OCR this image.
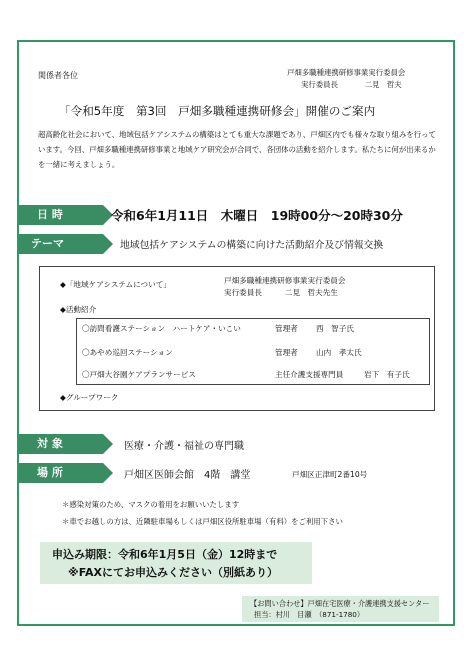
関係者各位	戸畑多職種連携研修事業実行委員会
実行委員長	二見　哲夫
「令和5年度　第3回　戸畑多職種連携研修会」開催のご案内
超高齢化社会において、地域包括ケアシステムの構築はとても重大な課題であり、戸畑区内でも様々な取り組みを行っています。今回、戸畑多職種連携研修事業と地域ケア研究会が合同で、各団体の活動を紹介します。私たちに何が出来るかを一緒に考えましょう。
日 時	令和6年1月11日　木曜日　19時00分～20時30分
テーマ	地域包括ケアシステムの構築に向けた活動紹介及び情報交換
◆「地域ケアシステムについて」	戸畑多職種連携研修事業実行委員会
実行委員長　　　二見　哲夫先生
◆活動紹介
〇訪問看護ステーション　ハートケア・いこい	管理者 西　智子氏
〇あやめ巡回ステーション	管理者 山内　孝太氏
〇戸畑大谷園ケアプランサービス	主任介護支援専門員	岩下　有子氏
◆グループワーク
対 象	医療・介護・福祉の専門職
場 所	戸畑区医師会館　4階　講堂	戸畑区正津町2番10号
＊感染対策のため、マスクの着用をお願いいたします
＊車でお越しの方は、近隣駐車場もしくは戸畑区役所駐車場（有料）をご利用下さい
申込み期限：令和6年1月5日（金）12時まで
※FAXにてお申込みください（別紙あり）
【お問い合わせ】戸畑在宅医療・介護連携支援センター
担当：村川　目瀬　（871-1780）
